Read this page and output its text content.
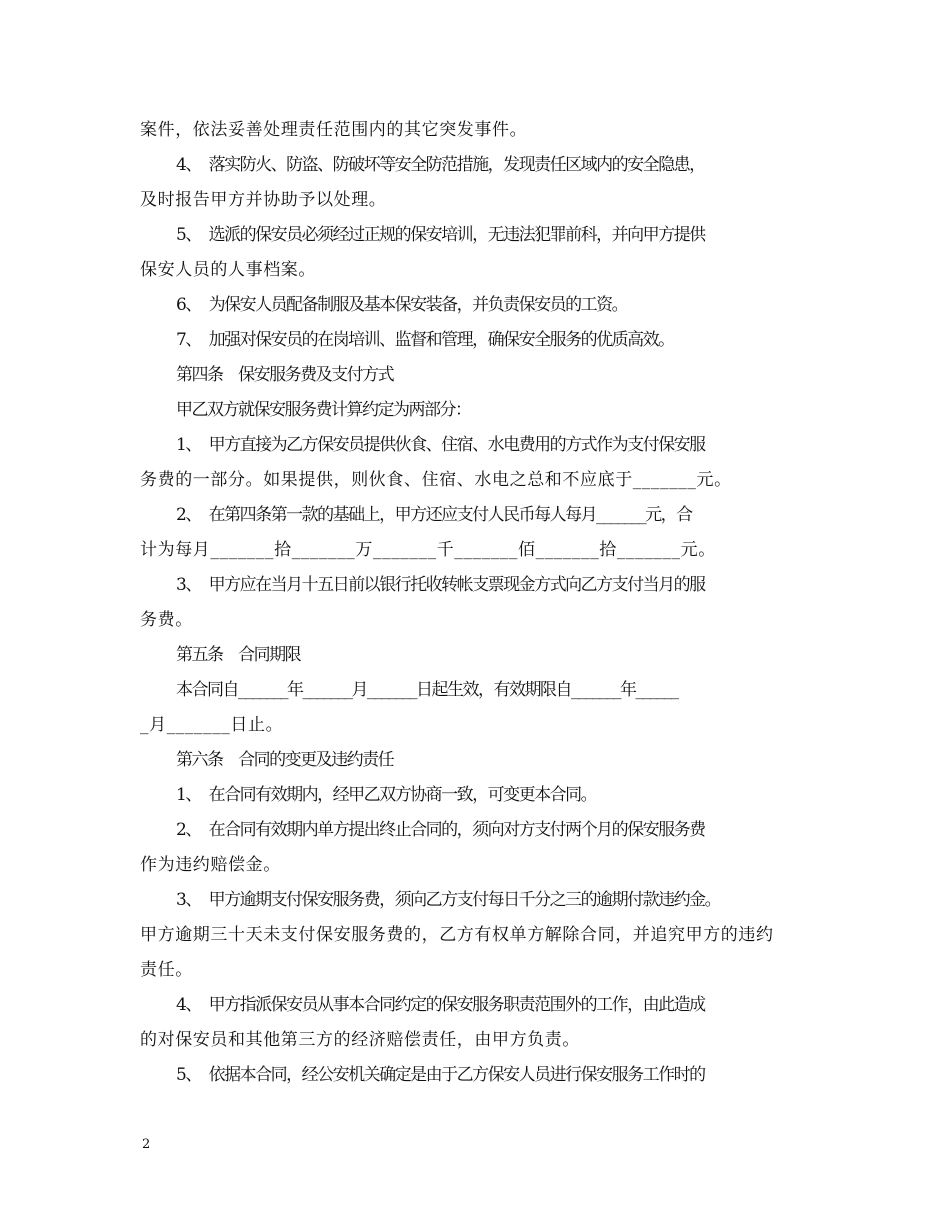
案件，依法妥善处理责任范围内的其它突发事件。
4、  落实防火、防盗、防破坏等安全防范措施，发现责任区域内的安全隐患，
及时报告甲方并协助予以处理。
5、  选派的保安员必须经过正规的保安培训，无违法犯罪前科，并向甲方提供
保安人员的人事档案。
6、  为保安人员配备制服及基本保安装备，并负责保安员的工资。
7、  加强对保安员的在岗培训、监督和管理，确保安全服务的优质高效。
第四条    保安服务费及支付方式
甲乙双方就保安服务费计算约定为两部分：
1、  甲方直接为乙方保安员提供伙食、住宿、水电费用的方式作为支付保安服
务费的一部分。如果提供，则伙食、住宿、水电之总和不应底于_______元。
2、  在第四条第一款的基础上，甲方还应支付人民币每人每月_______元，合
计为每月_______拾_______万_______千_______佰_______拾_______元。
3、  甲方应在当月十五日前以银行托收转帐支票现金方式向乙方支付当月的服
务费。
第五条    合同期限
本合同自_______年_______月_______日起生效，有效期限自_______年______
_月_______日止。
第六条    合同的变更及违约责任
1、  在合同有效期内，经甲乙双方协商一致，可变更本合同。
2、  在合同有效期内单方提出终止合同的，须向对方支付两个月的保安服务费
作为违约赔偿金。
3、  甲方逾期支付保安服务费，须向乙方支付每日千分之三的逾期付款违约金。
甲方逾期三十天未支付保安服务费的，乙方有权单方解除合同，并追究甲方的违约
责任。
4、  甲方指派保安员从事本合同约定的保安服务职责范围外的工作，由此造成
的对保安员和其他第三方的经济赔偿责任，由甲方负责。
5、  依据本合同，经公安机关确定是由于乙方保安人员进行保安服务工作时的
2
